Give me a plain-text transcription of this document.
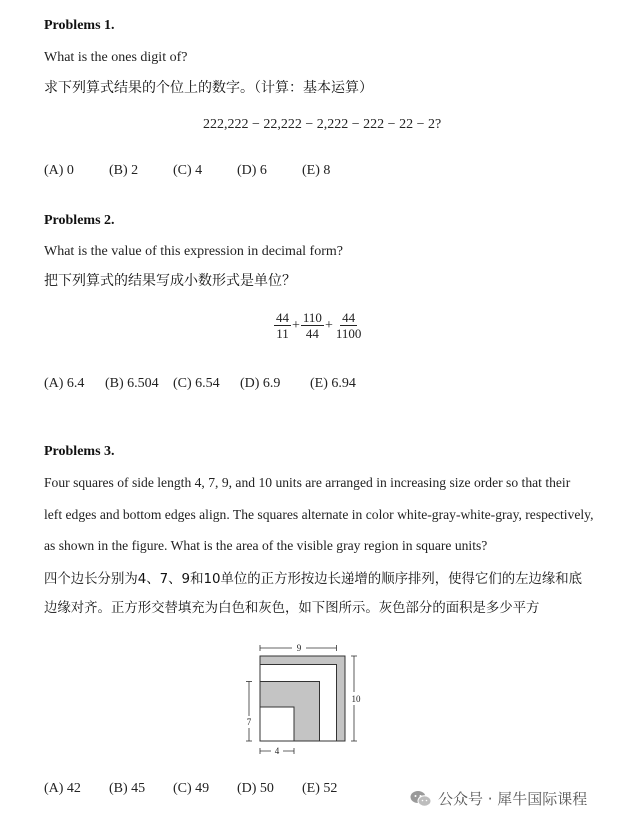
Problems 1.
What is the ones digit of?
求下列算式结果的个位上的数字。（计算：基本运算）
222,222 − 22,222 − 2,222 − 222 − 22 − 2?
(A) 0	(B) 2 (C) 4 (D) 6	(E) 8
Problems 2.
What is the value of this expression in decimal form?
把下列算式的结果写成小数形式是单位？
$\frac{44}{11} + \frac{110}{44} + \frac{44}{1100}$
(A) 6.4 (B) 6.504 (C) 6.54 (D) 6.9 (E) 6.94
Problems 3.
Four squares of side length 4, 7, 9, and 10 units are arranged in increasing size order so that their
left edges and bottom edges align. The squares alternate in color white-gray-white-gray, respectively,
as shown in the figure. What is the area of the visible gray region in square units?
四个边长分别为4、7、9和10单位的正方形按边长递增的顺序排列，使得它们的左边缘和底
边缘对齐。正方形交替填充为白色和灰色，如下图所示。灰色部分的面积是多少平方
9
10
7
4
(A) 42 (B) 45 (C) 49 (D) 50 (E) 52
公众号 · 犀牛国际课程
